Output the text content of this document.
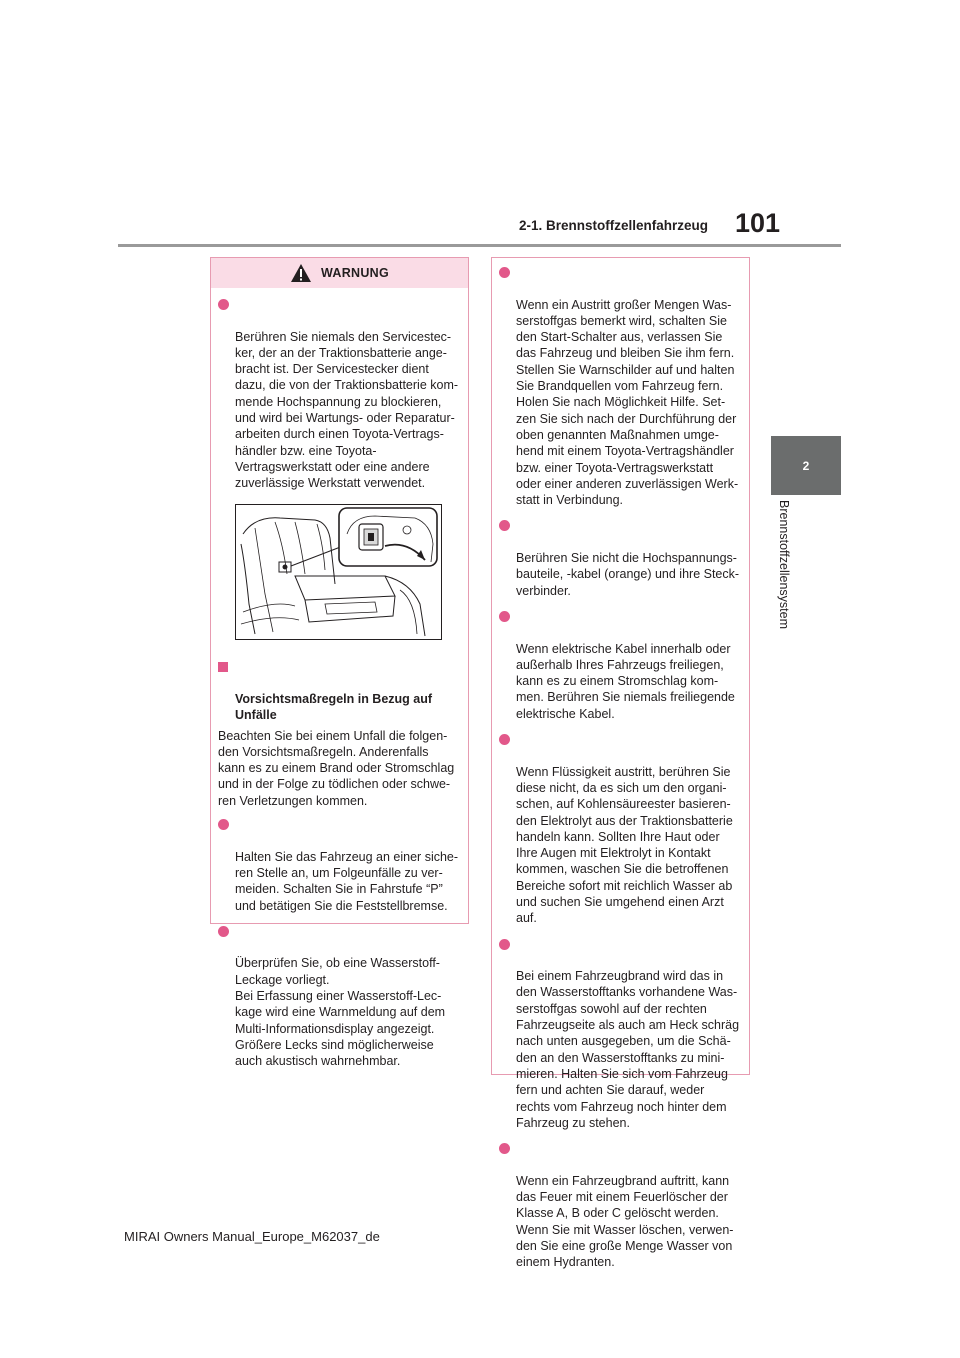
2-1. Brennstoffzellenfahrzeug 101
2
Brennstoffzellensystem
WARNUNG

Berühren Sie niemals den Servicestec-
ker, der an der Traktionsbatterie ange-
bracht ist. Der Servicestecker dient
dazu, die von der Traktionsbatterie kom-
mende Hochspannung zu blockieren,
und wird bei Wartungs- oder Reparatur-
arbeiten durch einen Toyota-Vertrags-
händler bzw. eine Toyota-
Vertragswerkstatt oder eine andere
zuverlässige Werkstatt verwendet.

Vorsichtsmaßregeln in Bezug auf
Unfälle

Beachten Sie bei einem Unfall die folgen-
den Vorsichtsmaßregeln. Anderenfalls
kann es zu einem Brand oder Stromschlag
und in der Folge zu tödlichen oder schwe-
ren Verletzungen kommen.

Halten Sie das Fahrzeug an einer siche-
ren Stelle an, um Folgeunfälle zu ver-
meiden. Schalten Sie in Fahrstufe “P”
und betätigen Sie die Feststellbremse.

Überprüfen Sie, ob eine Wasserstoff-
Leckage vorliegt.
Bei Erfassung einer Wasserstoff-Lec-
kage wird eine Warnmeldung auf dem
Multi-Informationsdisplay angezeigt.
Größere Lecks sind möglicherweise
auch akustisch wahrnehmbar.

Wenn ein Austritt großer Mengen Was-
serstoffgas bemerkt wird, schalten Sie
den Start-Schalter aus, verlassen Sie
das Fahrzeug und bleiben Sie ihm fern.
Stellen Sie Warnschilder auf und halten
Sie Brandquellen vom Fahrzeug fern.
Holen Sie nach Möglichkeit Hilfe. Set-
zen Sie sich nach der Durchführung der
oben genannten Maßnahmen umge-
hend mit einem Toyota-Vertragshändler
bzw. einer Toyota-Vertragswerkstatt
oder einer anderen zuverlässigen Werk-
statt in Verbindung.

Berühren Sie nicht die Hochspannungs-
bauteile, -kabel (orange) und ihre Steck-
verbinder.

Wenn elektrische Kabel innerhalb oder
außerhalb Ihres Fahrzeugs freiliegen,
kann es zu einem Stromschlag kom-
men. Berühren Sie niemals freiliegende
elektrische Kabel.

Wenn Flüssigkeit austritt, berühren Sie
diese nicht, da es sich um den organi-
schen, auf Kohlensäureester basieren-
den Elektrolyt aus der Traktionsbatterie
handeln kann. Sollten Ihre Haut oder
Ihre Augen mit Elektrolyt in Kontakt
kommen, waschen Sie die betroffenen
Bereiche sofort mit reichlich Wasser ab
und suchen Sie umgehend einen Arzt
auf.

Bei einem Fahrzeugbrand wird das in
den Wasserstofftanks vorhandene Was-
serstoffgas sowohl auf der rechten
Fahrzeugseite als auch am Heck schräg
nach unten ausgegeben, um die Schä-
den an den Wasserstofftanks zu mini-
mieren. Halten Sie sich vom Fahrzeug
fern und achten Sie darauf, weder
rechts vom Fahrzeug noch hinter dem
Fahrzeug zu stehen.

Wenn ein Fahrzeugbrand auftritt, kann
das Feuer mit einem Feuerlöscher der
Klasse A, B oder C gelöscht werden.
Wenn Sie mit Wasser löschen, verwen-
den Sie eine große Menge Wasser von
einem Hydranten.

MIRAI Owners Manual_Europe_M62037_de
